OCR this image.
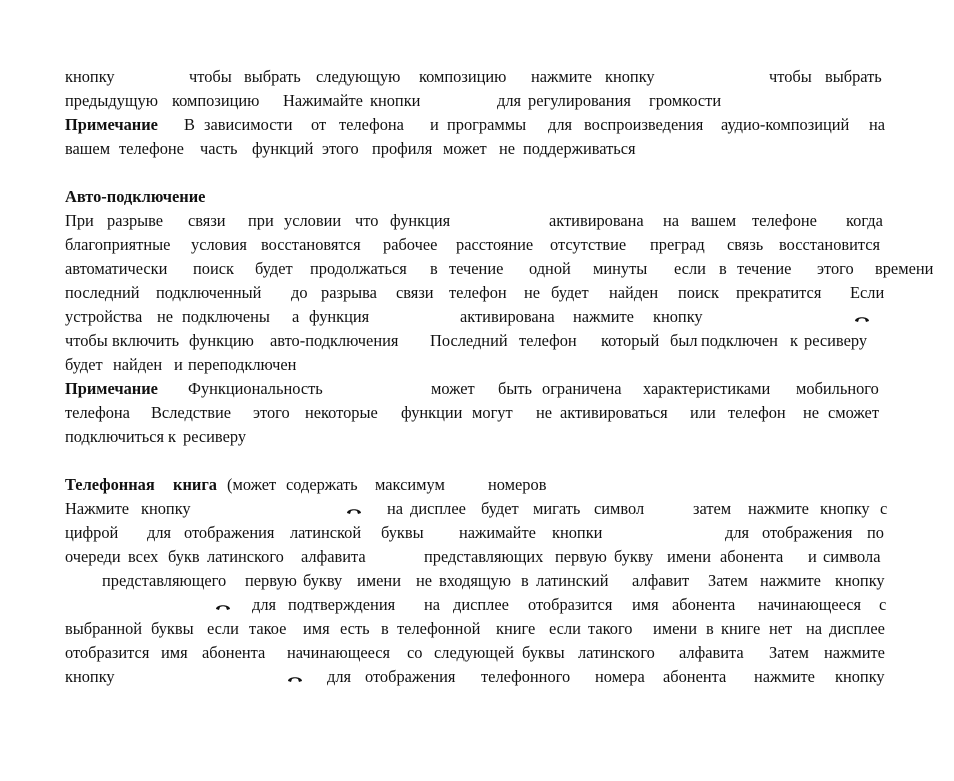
кнопку	чтобы выбрать следующую композицию нажмите кнопку	чтобы выбрать
предыдущую композицию Нажимайте кнопки	для регулирования громкости
Примечание В зависимости от телефона и программы для воспроизведения аудио-композиций на
вашем телефоне часть функций этого профиля может не поддерживаться
Авто-подключение
При разрыве связи при условии что функция	активирована на вашем телефоне когда
благоприятные условия восстановятся рабочее расстояние отсутствие преград связь восстановится
автоматически поиск будет продолжаться в течение одной минуты если в течение этого времени
последний подключенный до разрыва связи телефон не будет найден поиск прекратится Если
устройства не подключены а функция	активирована нажмите кнопку
чтобы включить функцию авто-подключения Последний телефон который был подключен к ресиверу
будет найден и переподключен
Примечание Функциональность	может быть ограничена характеристиками мобильного
телефона Вследствие этого некоторые функции могут не активироваться или телефон не сможет
подключиться к ресиверу
Телефонная книга (может содержать максимум	номеров
Нажмите кнопку	на дисплее будет мигать символ	затем нажмите кнопку с
цифрой для отображения латинской буквы нажимайте кнопки	для отображения по
очереди всех букв латинского алфавита	представляющих первую букву имени абонента и символа
представляющего первую букву имени не входящую в латинский алфавит Затем нажмите кнопку
для подтверждения на дисплее отобразится имя абонента начинающееся с
выбранной буквы если такое имя есть в телефонной книге если такого имени в книге нет на дисплее
отобразится имя абонента начинающееся со следующей буквы латинского алфавита Затем нажмите
кнопку	для отображения телефонного номера абонента нажмите кнопку
